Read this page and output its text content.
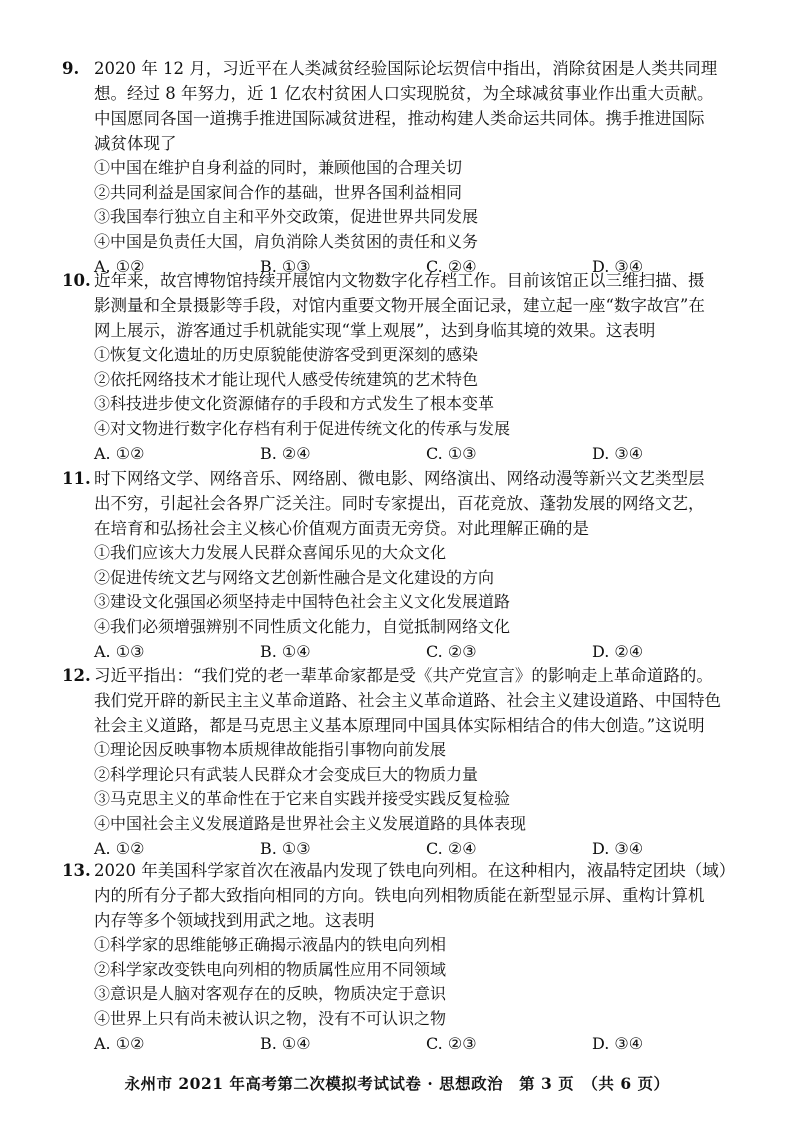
9. 2020 年 12 月，习近平在人类减贫经验国际论坛贺信中指出，消除贫困是人类共同理
想。经过 8 年努力，近 1 亿农村贫困人口实现脱贫，为全球减贫事业作出重大贡献。
中国愿同各国一道携手推进国际减贫进程，推动构建人类命运共同体。携手推进国际
减贫体现了
①中国在维护自身利益的同时，兼顾他国的合理关切
②共同利益是国家间合作的基础，世界各国利益相同
③我国奉行独立自主和平外交政策，促进世界共同发展
④中国是负责任大国，肩负消除人类贫困的责任和义务
A. ①②	B. ①③	C. ②④	D. ③④
10. 近年来，故宫博物馆持续开展馆内文物数字化存档工作。目前该馆正以三维扫描、摄
影测量和全景摄影等手段，对馆内重要文物开展全面记录，建立起一座“数字故宫”在
网上展示，游客通过手机就能实现“掌上观展”，达到身临其境的效果。这表明
①恢复文化遗址的历史原貌能使游客受到更深刻的感染
②依托网络技术才能让现代人感受传统建筑的艺术特色
③科技进步使文化资源储存的手段和方式发生了根本变革
④对文物进行数字化存档有利于促进传统文化的传承与发展
A. ①②	B. ②④	C. ①③	D. ③④
11. 时下网络文学、网络音乐、网络剧、微电影、网络演出、网络动漫等新兴文艺类型层
出不穷，引起社会各界广泛关注。同时专家提出，百花竞放、蓬勃发展的网络文艺，
在培育和弘扬社会主义核心价值观方面责无旁贷。对此理解正确的是
①我们应该大力发展人民群众喜闻乐见的大众文化
②促进传统文艺与网络文艺创新性融合是文化建设的方向
③建设文化强国必须坚持走中国特色社会主义文化发展道路
④我们必须增强辨别不同性质文化能力，自觉抵制网络文化
A. ①③	B. ①④	C. ②③	D. ②④
12. 习近平指出：“我们党的老一辈革命家都是受《共产党宣言》的影响走上革命道路的。
我们党开辟的新民主主义革命道路、社会主义革命道路、社会主义建设道路、中国特色
社会主义道路，都是马克思主义基本原理同中国具体实际相结合的伟大创造。”这说明
①理论因反映事物本质规律故能指引事物向前发展
②科学理论只有武装人民群众才会变成巨大的物质力量
③马克思主义的革命性在于它来自实践并接受实践反复检验
④中国社会主义发展道路是世界社会主义发展道路的具体表现
A. ①②	B. ①③	C. ②④	D. ③④
13. 2020 年美国科学家首次在液晶内发现了铁电向列相。在这种相内，液晶特定团块（域）
内的所有分子都大致指向相同的方向。铁电向列相物质能在新型显示屏、重构计算机
内存等多个领域找到用武之地。这表明
①科学家的思维能够正确揭示液晶内的铁电向列相
②科学家改变铁电向列相的物质属性应用不同领域
③意识是人脑对客观存在的反映，物质决定于意识
④世界上只有尚未被认识之物，没有不可认识之物
A. ①②	B. ①④	C. ②③	D. ③④
永州市 2021 年高考第二次模拟考试试卷 · 思想政治　第 3 页　（共 6 页）
